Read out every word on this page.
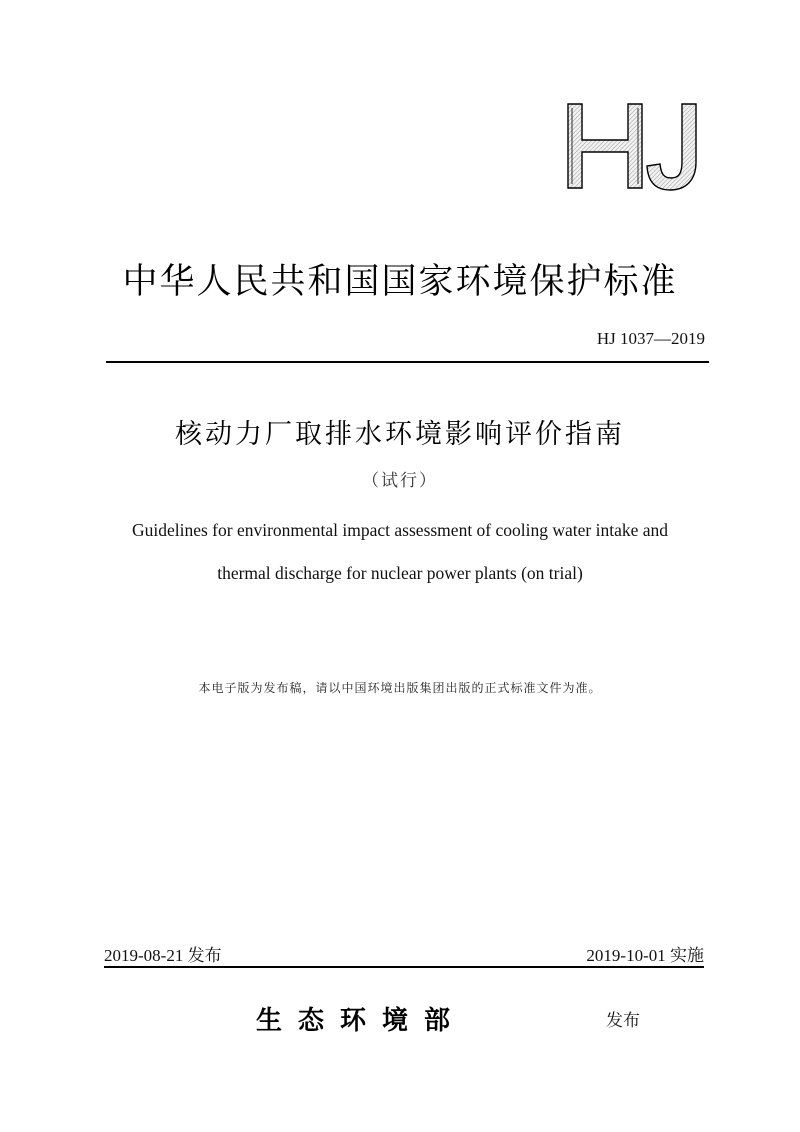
中华人民共和国国家环境保护标准
HJ 1037—2019
核动力厂取排水环境影响评价指南
（试行）
Guidelines for environmental impact assessment of cooling water intake and
thermal discharge for nuclear power plants (on trial)
本电子版为发布稿，请以中国环境出版集团出版的正式标准文件为准。
2019-08-21 发布	2019-10-01 实施
生态环境部	发布
